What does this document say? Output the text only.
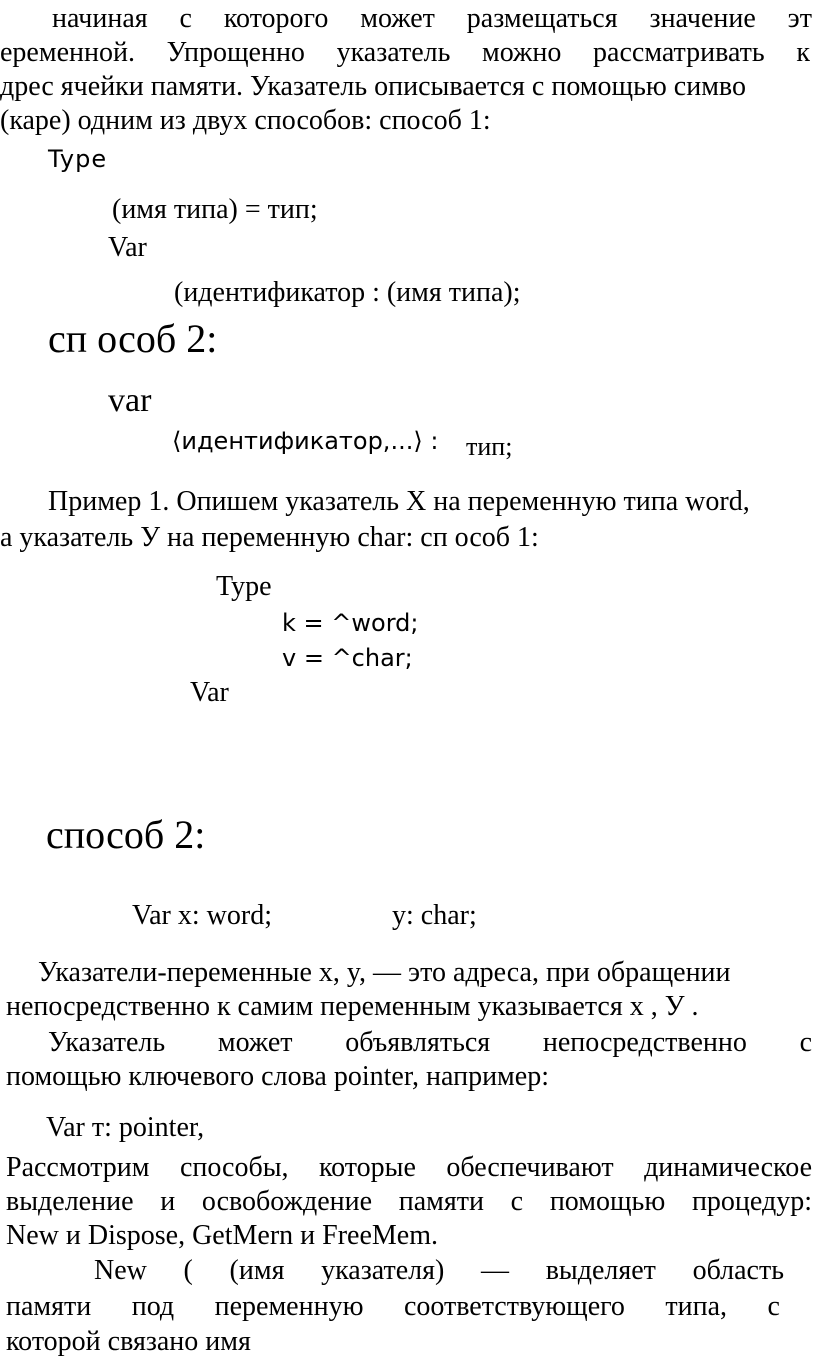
начиная с которого может размещаться значение эт
еременной. Упрощенно указатель можно рассматривать к
дрес ячейки памяти. Указатель описывается с помощью симво
(каре) одним из двух способов: способ 1:
Type
(имя типа) = тип;
Var
(идентификатор : (имя типа);
сп особ 2:
var
⟨идентификатор,...⟩ : тип;
Пример 1. Опишем указатель X на переменную типа word,
а указатель У на переменную char: сп особ 1:
Type
k = ^word;
v = ^char;
Var
способ 2:
Var x: word;	y: char;
Указатели-переменные x, y, — это адреса, при обращении
непосредственно к самим переменным указывается x , У .
Указатель может объявляться непосредственно с
помощью ключевого слова pointer, например:
Var т: pointer,
Рассмотрим способы, которые обеспечивают динамическое
выделение и освобождение памяти с помощью процедур:
New и Dispose, GetMern и FreeMem.
New ( (имя указателя) — выделяет область
памяти под переменную соответствующего типа, с
которой связано имя
